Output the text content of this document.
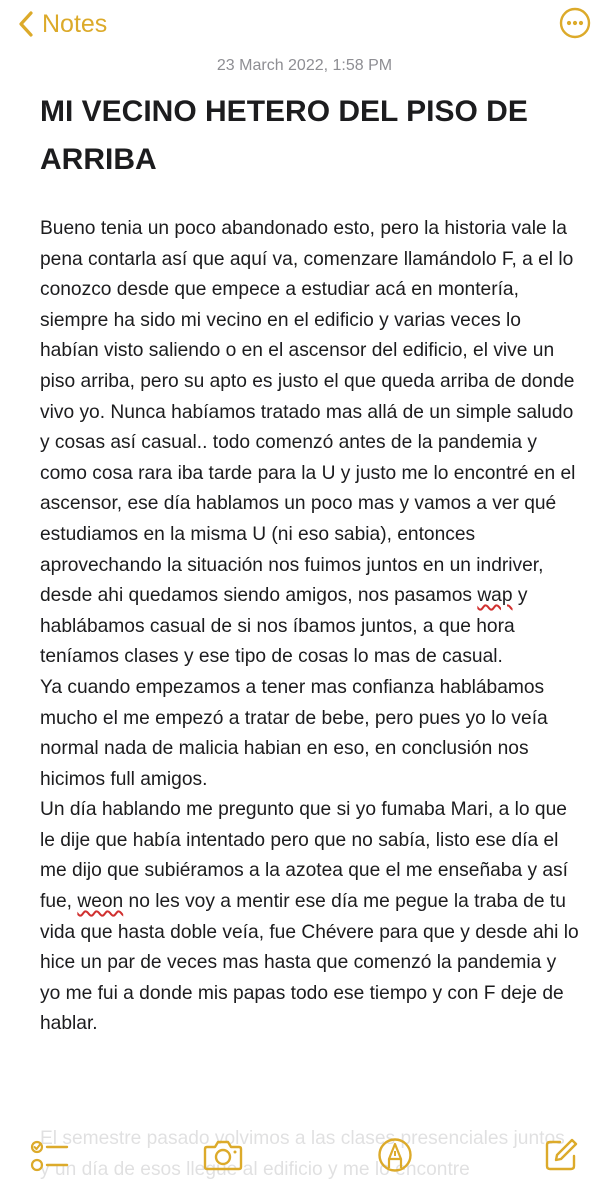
Notes
23 March 2022, 1:58 PM
MI VECINO HETERO DEL PISO DE ARRIBA

Bueno tenia un poco abandonado esto, pero la historia vale la pena contarla así que aquí va, comenzare llamándolo F, a el lo conozco desde que empece a estudiar acá en montería, siempre ha sido mi vecino en el edificio y varias veces lo habían visto saliendo o en el ascensor del edificio, el vive un piso arriba, pero su apto es justo el que queda arriba de donde vivo yo. Nunca habíamos tratado mas allá de un simple saludo y cosas así casual.. todo comenzó antes de la pandemia y como cosa rara iba tarde para la U y justo me lo encontré en el ascensor, ese día hablamos un poco mas y vamos a ver qué estudiamos en la misma U (ni eso sabia), entonces aprovechando la situación nos fuimos juntos en un indriver, desde ahi quedamos siendo amigos, nos pasamos wap y hablábamos casual de si nos íbamos juntos, a que hora teníamos clases y ese tipo de cosas lo mas de casual.

Ya cuando empezamos a tener mas confianza hablábamos mucho el me empezó a tratar de bebe, pero pues yo lo veía normal nada de malicia habian en eso, en conclusión nos hicimos full amigos.

Un día hablando me pregunto que si yo fumaba Mari, a lo que le dije que había intentado pero que no sabía, listo ese día el me dijo que subiéramos a la azotea que el me enseñaba y así fue, weon no les voy a mentir ese día me pegue la traba de tu vida que hasta doble veía, fue Chévere para que y desde ahi lo hice un par de veces mas hasta que comenzó la pandemia y yo me fui a donde mis papas todo ese tiempo y con F deje de hablar.

El semestre pasado volvimos a las clases presenciales juntos

y un día de esos llegue al edificio y me lo encontre
